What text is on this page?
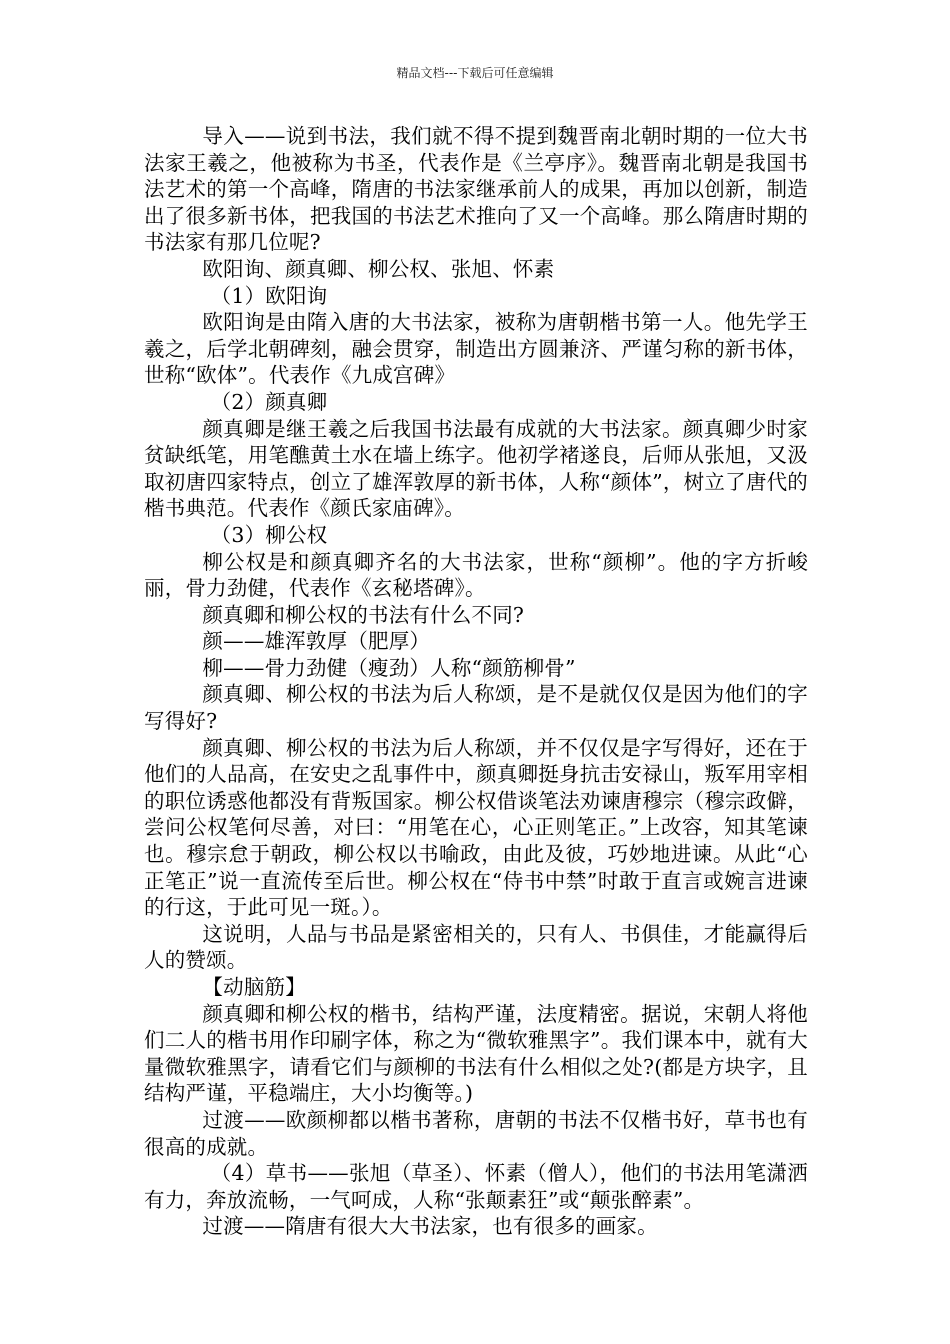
精品文档---下载后可任意编辑

导入——说到书法，我们就不得不提到魏晋南北朝时期的一位大书法家王羲之，他被称为书圣，代表作是《兰亭序》。魏晋南北朝是我国书法艺术的第一个高峰，隋唐的书法家继承前人的成果，再加以创新，制造出了很多新书体，把我国的书法艺术推向了又一个高峰。那么隋唐时期的书法家有那几位呢?

欧阳询、颜真卿、柳公权、张旭、怀素

（1）欧阳询

欧阳询是由隋入唐的大书法家，被称为唐朝楷书第一人。他先学王羲之，后学北朝碑刻，融会贯穿，制造出方圆兼济、严谨匀称的新书体，世称“欧体”。代表作《九成宫碑》

（2）颜真卿

颜真卿是继王羲之后我国书法最有成就的大书法家。颜真卿少时家贫缺纸笔，用笔醮黄土水在墙上练字。他初学褚遂良，后师从张旭，又汲取初唐四家特点，创立了雄浑敦厚的新书体，人称“颜体”，树立了唐代的楷书典范。代表作《颜氏家庙碑》。

（3）柳公权

柳公权是和颜真卿齐名的大书法家，世称“颜柳”。他的字方折峻丽，骨力劲健，代表作《玄秘塔碑》。

颜真卿和柳公权的书法有什么不同?

颜——雄浑敦厚（肥厚）

柳——骨力劲健（瘦劲）人称“颜筋柳骨”

颜真卿、柳公权的书法为后人称颂，是不是就仅仅是因为他们的字写得好?

颜真卿、柳公权的书法为后人称颂，并不仅仅是字写得好，还在于他们的人品高，在安史之乱事件中，颜真卿挺身抗击安禄山，叛军用宰相的职位诱惑他都没有背叛国家。柳公权借谈笔法劝谏唐穆宗（穆宗政僻，尝问公权笔何尽善，对曰：“用笔在心，心正则笔正。”上改容，知其笔谏也。穆宗怠于朝政，柳公权以书喻政，由此及彼，巧妙地进谏。从此“心正笔正”说一直流传至后世。柳公权在“侍书中禁”时敢于直言或婉言进谏的行这，于此可见一斑。）。

这说明，人品与书品是紧密相关的，只有人、书俱佳，才能赢得后人的赞颂。

【动脑筋】

颜真卿和柳公权的楷书，结构严谨，法度精密。据说，宋朝人将他们二人的楷书用作印刷字体，称之为“微软雅黑字”。我们课本中，就有大量微软雅黑字，请看它们与颜柳的书法有什么相似之处?(都是方块字，且结构严谨，平稳端庄，大小均衡等。)

过渡——欧颜柳都以楷书著称，唐朝的书法不仅楷书好，草书也有很高的成就。

（4）草书——张旭（草圣）、怀素（僧人），他们的书法用笔潇洒有力，奔放流畅，一气呵成，人称“张颠素狂”或“颠张醉素”。

过渡——隋唐有很大大书法家，也有很多的画家。
